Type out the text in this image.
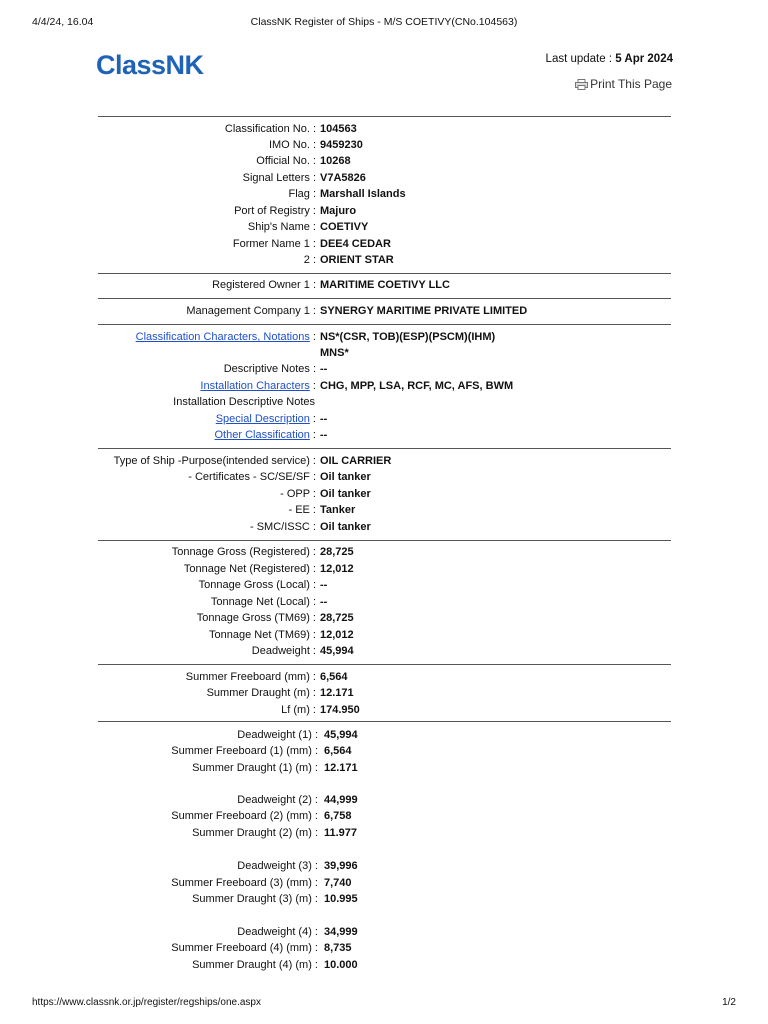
4/4/24, 16.04	ClassNK Register of Ships - M/S COETIVY(CNo.104563)
ClassNK	Last update : 5 Apr 2024
Print This Page
Classification No. : 104563
IMO No. : 9459230
Official No. : 10268
Signal Letters : V7A5826
Flag : Marshall Islands
Port of Registry : Majuro
Ship's Name : COETIVY
Former Name 1 : DEE4 CEDAR
2 : ORIENT STAR
Registered Owner 1 : MARITIME COETIVY LLC
Management Company 1 : SYNERGY MARITIME PRIVATE LIMITED
Classification Characters, Notations : NS*(CSR, TOB)(ESP)(PSCM)(IHM)
MNS*
Descriptive Notes : --
Installation Characters : CHG, MPP, LSA, RCF, MC, AFS, BWM
Installation Descriptive Notes
Special Description : --
Other Classification : --
Type of Ship -Purpose(intended service) : OIL CARRIER
- Certificates - SC/SE/SF : Oil tanker
- OPP : Oil tanker
- EE : Tanker
- SMC/ISSC : Oil tanker
Tonnage Gross (Registered) : 28,725
Tonnage Net (Registered) : 12,012
Tonnage Gross (Local) : --
Tonnage Net (Local) : --
Tonnage Gross (TM69) : 28,725
Tonnage Net (TM69) : 12,012
Deadweight : 45,994
Summer Freeboard (mm) : 6,564
Summer Draught (m) : 12.171
Lf (m) : 174.950
Deadweight (1) : 45,994
Summer Freeboard (1) (mm) : 6,564
Summer Draught (1) (m) : 12.171
Deadweight (2) : 44,999
Summer Freeboard (2) (mm) : 6,758
Summer Draught (2) (m) : 11.977
Deadweight (3) : 39,996
Summer Freeboard (3) (mm) : 7,740
Summer Draught (3) (m) : 10.995
Deadweight (4) : 34,999
Summer Freeboard (4) (mm) : 8,735
Summer Draught (4) (m) : 10.000
https://www.classnk.or.jp/register/regships/one.aspx	1/2
